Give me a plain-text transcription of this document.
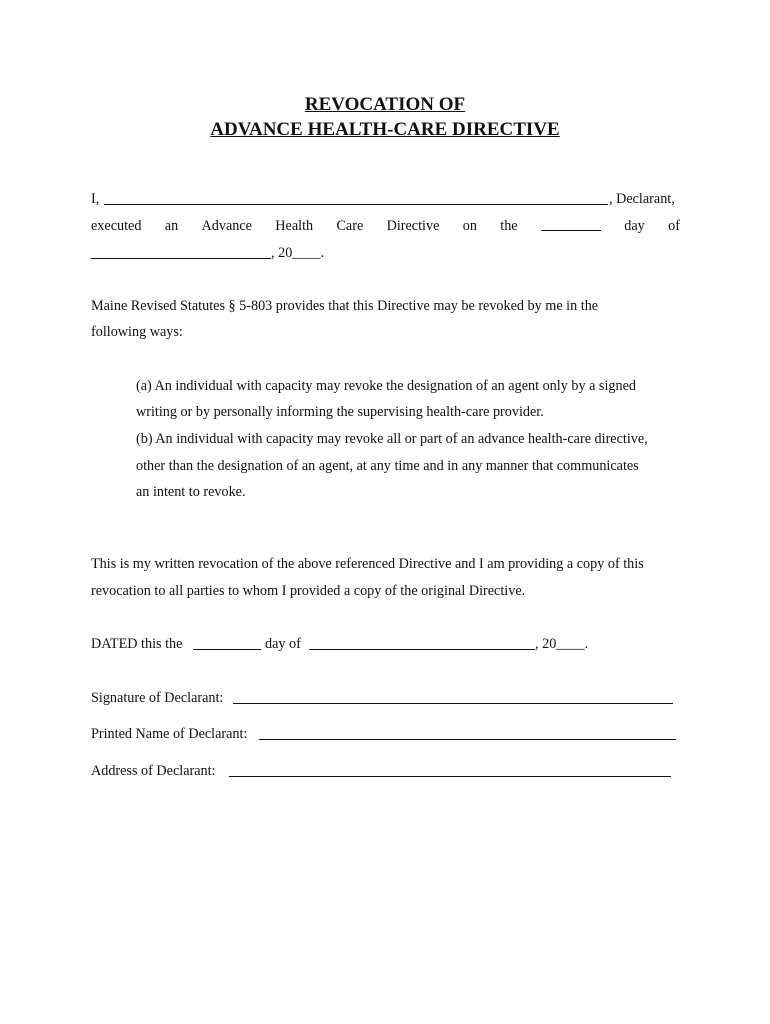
REVOCATION OF
ADVANCE HEALTH-CARE DIRECTIVE
I,	, Declarant,
executed an Advance Health Care Directive on the	day of
, 20____.
Maine Revised Statutes § 5-803 provides that this Directive may be revoked by me in the
following ways:
(a) An individual with capacity may revoke the designation of an agent only by a signed
writing or by personally informing the supervising health-care provider.
(b) An individual with capacity may revoke all or part of an advance health-care directive,
other than the designation of an agent, at any time and in any manner that communicates
an intent to revoke.
This is my written revocation of the above referenced Directive and I am providing a copy of this
revocation to all parties to whom I provided a copy of the original Directive.
DATED this the	day of	, 20____.
Signature of Declarant:
Printed Name of Declarant:
Address of Declarant:
